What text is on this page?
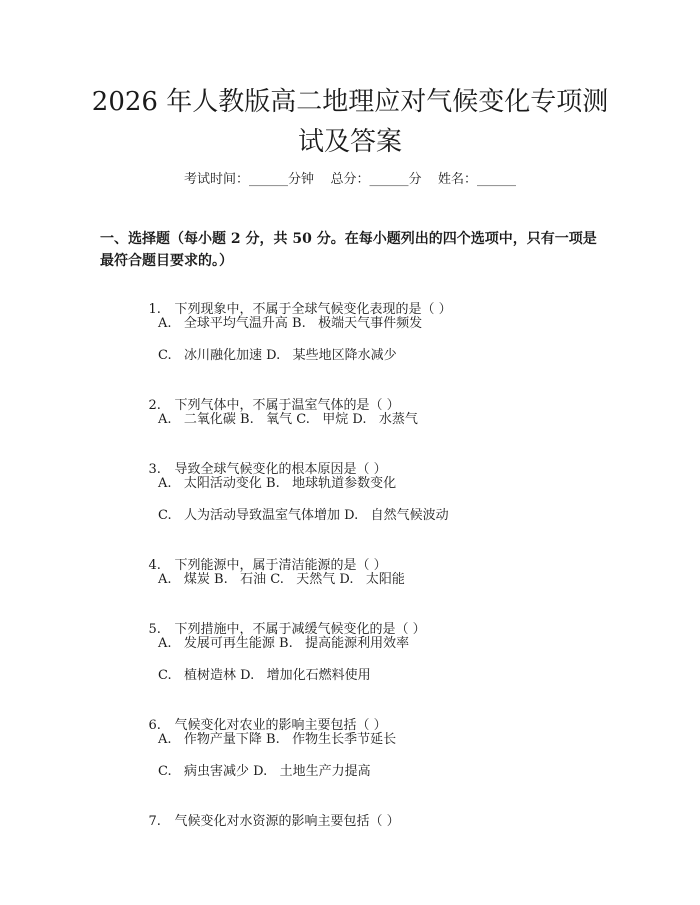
2026 年人教版高二地理应对气候变化专项测
试及答案
考试时间：______分钟    总分：______分    姓名：______
一、选择题（每小题 2 分，共 50 分。在每小题列出的四个选项中，只有一项是最符合题目要求的。）

1. 下列现象中，不属于全球气候变化表现的是（ ）

A.   全球平均气温升高 B.   极端天气事件频发
C.   冰川融化加速 D.   某些地区降水减少

2. 下列气体中，不属于温室气体的是（ ）

A.   二氧化碳 B.   氧气 C.   甲烷 D.   水蒸气

3. 导致全球气候变化的根本原因是（ ）

A.   太阳活动变化 B.   地球轨道参数变化
C.   人为活动导致温室气体增加 D.   自然气候波动

4. 下列能源中，属于清洁能源的是（ ）

A.   煤炭 B.   石油 C.   天然气 D.   太阳能

5. 下列措施中，不属于减缓气候变化的是（ ）

A.   发展可再生能源 B.   提高能源利用效率
C.   植树造林 D.   增加化石燃料使用

6. 气候变化对农业的影响主要包括（ ）

A.   作物产量下降 B.   作物生长季节延长
C.   病虫害减少 D.   土地生产力提高

7. 气候变化对水资源的影响主要包括（ ）
